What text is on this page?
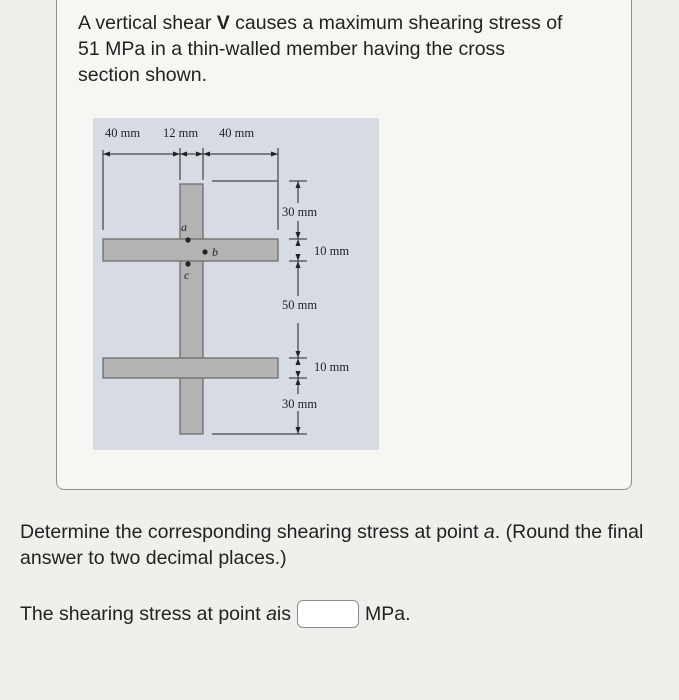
A vertical shear V causes a maximum shearing stress of 51 MPa in a thin-walled member having the cross section shown.

40 mm 12 mm 40 mm
30 mm
10 mm
50 mm
10 mm
30 mm
a
b
c

Determine the corresponding shearing stress at point a. (Round the final answer to two decimal places.)

The shearing stress at point
a is	MPa.
